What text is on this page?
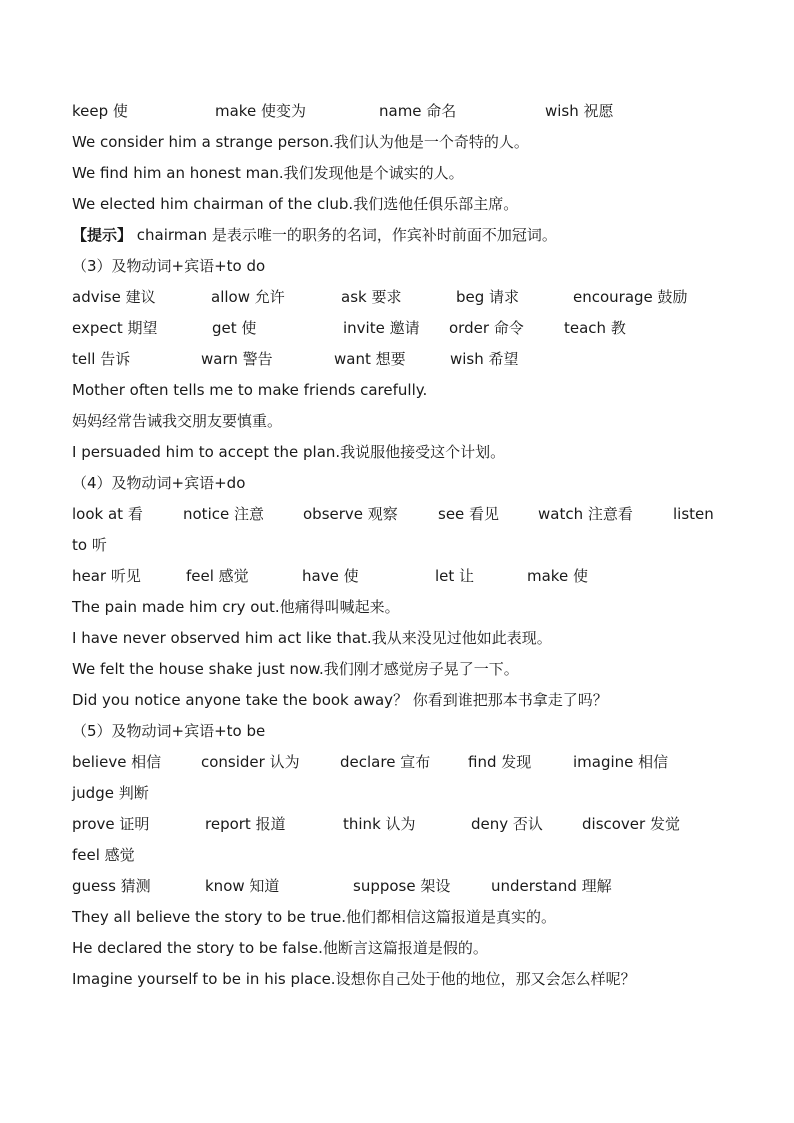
keep 使	make 使变为	name 命名	wish 祝愿
We consider him a strange person.我们认为他是一个奇特的人。
We find him an honest man.我们发现他是个诚实的人。
We elected him chairman of the club.我们选他任俱乐部主席。
【提示】 chairman 是表示唯一的职务的名词，作宾补时前面不加冠词。
（3）及物动词+宾语+to do
advise 建议	allow 允许	ask 要求	beg 请求	encourage 鼓励
expect 期望	get 使	invite 邀请 order 命令	teach 教
tell 告诉	warn 警告	want 想要	wish 希望
Mother often tells me to make friends carefully.
妈妈经常告诫我交朋友要慎重。
I persuaded him to accept the plan.我说服他接受这个计划。
（4）及物动词+宾语+do
look at 看	notice 注意	observe 观察	see 看见	watch 注意看	listen
to 听
hear 听见	feel 感觉	have 使	let 让	make 使
The pain made him cry out.他痛得叫喊起来。
I have never observed him act like that.我从来没见过他如此表现。
We felt the house shake just now.我们刚才感觉房子晃了一下。
Did you notice anyone take the book away？ 你看到谁把那本书拿走了吗？
（5）及物动词+宾语+to be
believe 相信	consider 认为	declare 宣布	find 发现	imagine 相信
judge 判断
prove 证明	report 报道	think 认为	deny 否认	discover 发觉
feel 感觉
guess 猜测	know 知道	suppose 架设	understand 理解
They all believe the story to be true.他们都相信这篇报道是真实的。
He declared the story to be false.他断言这篇报道是假的。
Imagine yourself to be in his place.设想你自己处于他的地位，那又会怎么样呢？
